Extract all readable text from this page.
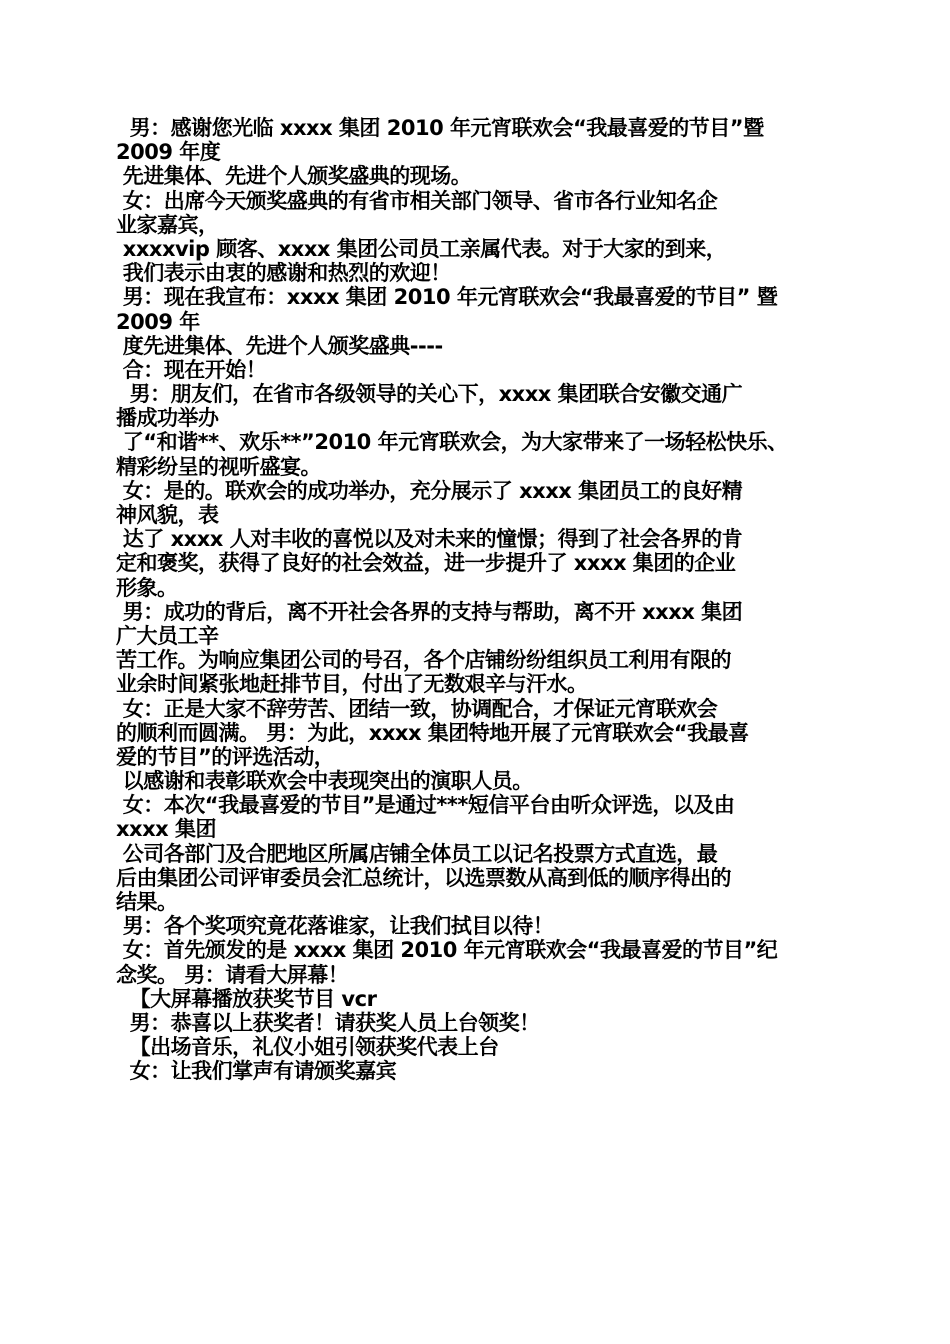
男：感谢您光临 xxxx 集团 2010 年元宵联欢会“我最喜爱的节目”暨
2009 年度
先进集体、先进个人颁奖盛典的现场。
女：出席今天颁奖盛典的有省市相关部门领导、省市各行业知名企
业家嘉宾，
xxxxvip 顾客、xxxx 集团公司员工亲属代表。对于大家的到来，
我们表示由衷的感谢和热烈的欢迎！
男：现在我宣布：xxxx 集团 2010 年元宵联欢会“我最喜爱的节目” 暨
2009 年
度先进集体、先进个人颁奖盛典----
合：现在开始！
男：朋友们，在省市各级领导的关心下，xxxx 集团联合安徽交通广
播成功举办
了“和谐**、欢乐**”2010 年元宵联欢会，为大家带来了一场轻松快乐、
精彩纷呈的视听盛宴。
女：是的。联欢会的成功举办，充分展示了 xxxx 集团员工的良好精
神风貌，表
达了 xxxx 人对丰收的喜悦以及对未来的憧憬；得到了社会各界的肯
定和褒奖，获得了良好的社会效益，进一步提升了 xxxx 集团的企业
形象。
男：成功的背后，离不开社会各界的支持与帮助，离不开 xxxx 集团
广大员工辛
苦工作。为响应集团公司的号召，各个店铺纷纷组织员工利用有限的
业余时间紧张地赶排节目，付出了无数艰辛与汗水。
女：正是大家不辞劳苦、团结一致，协调配合，才保证元宵联欢会
的顺利而圆满。 男：为此，xxxx 集团特地开展了元宵联欢会“我最喜
爱的节目”的评选活动，
以感谢和表彰联欢会中表现突出的演职人员。
女：本次“我最喜爱的节目”是通过***短信平台由听众评选，以及由
xxxx 集团
公司各部门及合肥地区所属店铺全体员工以记名投票方式直选，最
后由集团公司评审委员会汇总统计，以选票数从高到低的顺序得出的
结果。
男：各个奖项究竟花落谁家，让我们拭目以待！
女：首先颁发的是 xxxx 集团 2010 年元宵联欢会“我最喜爱的节目”纪
念奖。 男：请看大屏幕！
【大屏幕播放获奖节目 vcr
男：恭喜以上获奖者！请获奖人员上台领奖！
【出场音乐，礼仪小姐引领获奖代表上台
女：让我们掌声有请颁奖嘉宾
